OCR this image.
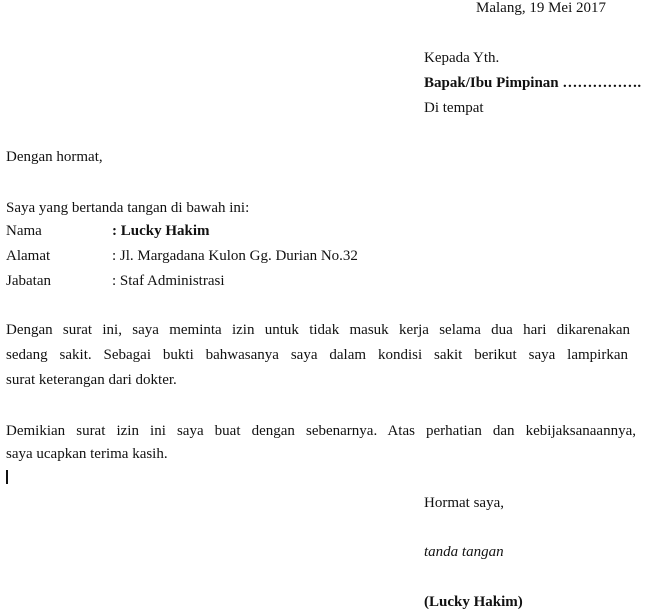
Malang, 19 Mei 2017
Kepada Yth.
Bapak/Ibu Pimpinan …………….
Di tempat
Dengan hormat,
Saya yang bertanda tangan di bawah ini:
Nama	: Lucky Hakim
Alamat	: Jl. Margadana Kulon Gg. Durian No.32
Jabatan	: Staf Administrasi
Dengan surat ini, saya meminta izin untuk tidak masuk kerja selama dua hari dikarenakan
sedang sakit. Sebagai bukti bahwasanya saya dalam kondisi sakit berikut saya lampirkan
surat keterangan dari dokter.
Demikian surat izin ini saya buat dengan sebenarnya. Atas perhatian dan kebijaksanaannya,
saya ucapkan terima kasih.
Hormat saya,
tanda tangan
(Lucky Hakim)
